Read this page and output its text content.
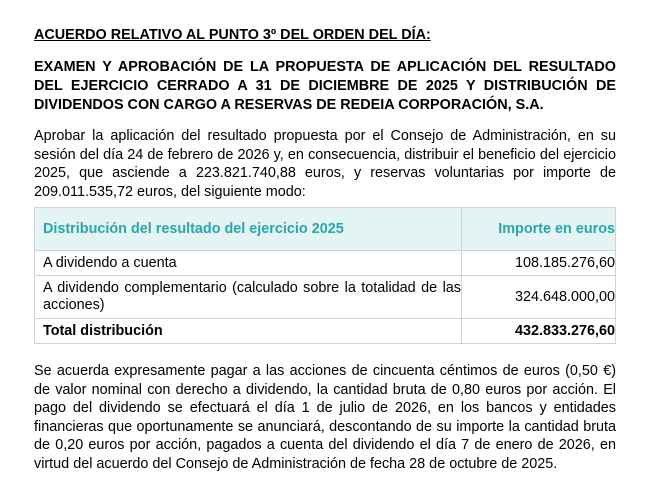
ACUERDO RELATIVO AL PUNTO 3º DEL ORDEN DEL DÍA:
EXAMEN Y APROBACIÓN DE LA PROPUESTA DE APLICACIÓN DEL RESULTADO DEL EJERCICIO CERRADO A 31 DE DICIEMBRE DE 2025 Y DISTRIBUCIÓN DE DIVIDENDOS CON CARGO A RESERVAS DE REDEIA CORPORACIÓN, S.A.
Aprobar la aplicación del resultado propuesta por el Consejo de Administración, en su sesión del día 24 de febrero de 2026 y, en consecuencia, distribuir el beneficio del ejercicio 2025, que asciende a 223.821.740,88 euros, y reservas voluntarias por importe de 209.011.535,72 euros, del siguiente modo:
Distribución del resultado del ejercicio 2025	Importe en euros
A dividendo a cuenta	108.185.276,60
A dividendo complementario (calculado sobre la totalidad de las acciones)	324.648.000,00
Total distribución	432.833.276,60
Se acuerda expresamente pagar a las acciones de cincuenta céntimos de euros (0,50 €) de valor nominal con derecho a dividendo, la cantidad bruta de 0,80 euros por acción. El pago del dividendo se efectuará el día 1 de julio de 2026, en los bancos y entidades financieras que oportunamente se anunciará, descontando de su importe la cantidad bruta de 0,20 euros por acción, pagados a cuenta del dividendo el día 7 de enero de 2026, en virtud del acuerdo del Consejo de Administración de fecha 28 de octubre de 2025.
